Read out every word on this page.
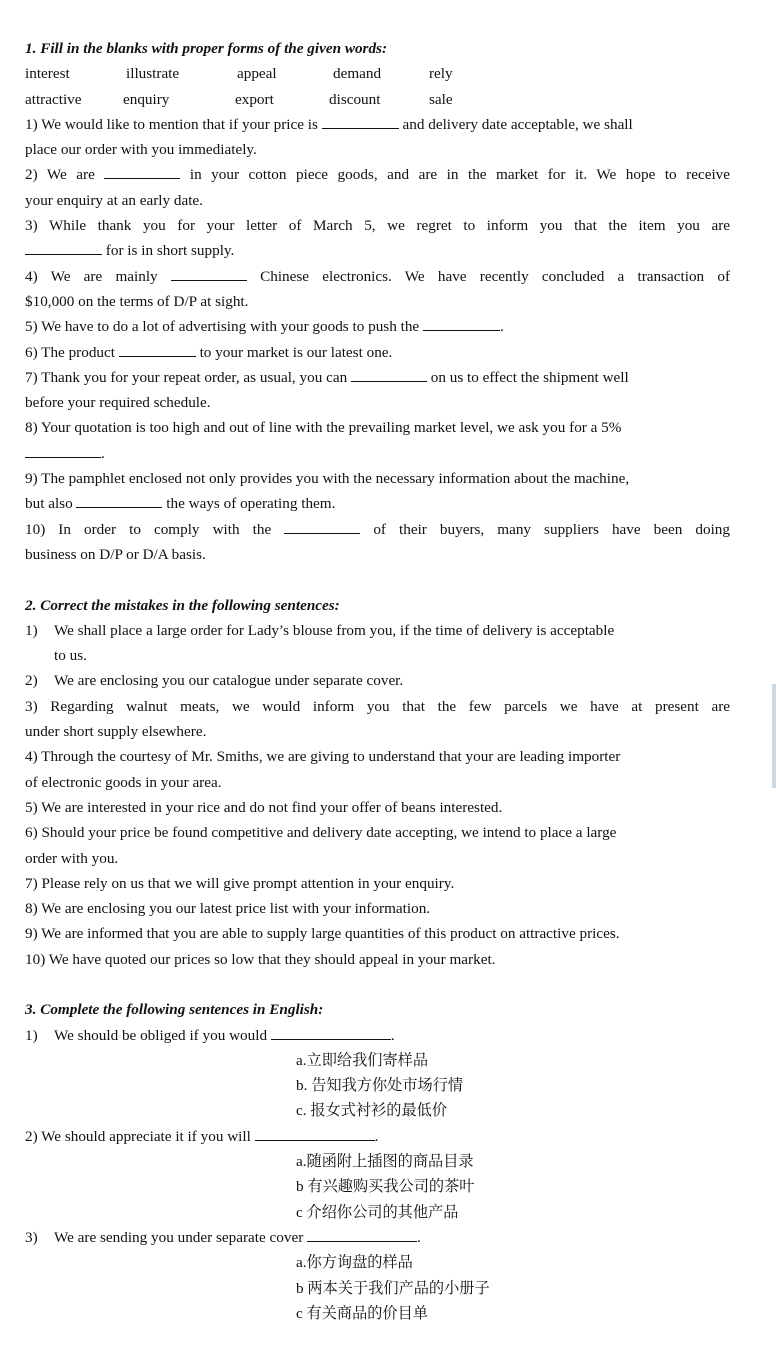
1. Fill in the blanks with proper forms of the given words:
interest	illustrate	appeal	demand	rely
attractive	enquiry	export	discount	sale
1) We would like to mention that if your price is	and delivery date acceptable, we shall
place our order with you immediately.
2) We are	in your cotton piece goods, and are in the market for it. We hope to receive
your enquiry at an early date.
3) While thank you for your letter of March 5, we regret to inform you that the item you are
for is in short supply.
4) We are mainly	Chinese electronics. We have recently concluded a transaction of
$10,000 on the terms of D/P at sight.
5) We have to do a lot of advertising with your goods to push the	.
6) The product	to your market is our latest one.
7) Thank you for your repeat order, as usual, you can	on us to effect the shipment well
before your required schedule.
8) Your quotation is too high and out of line with the prevailing market level, we ask you for a 5%
.
9) The pamphlet enclosed not only provides you with the necessary information about the machine,
but also	the ways of operating them.
10) In order to comply with the	of their buyers, many suppliers have been doing
business on D/P or D/A basis.
2. Correct the mistakes in the following sentences:
1) We shall place a large order for Lady’s blouse from you, if the time of delivery is acceptable
to us.
2) We are enclosing you our catalogue under separate cover.
3) Regarding walnut meats, we would inform you that the few parcels we have at present are
under short supply elsewhere.
4) Through the courtesy of Mr. Smiths, we are giving to understand that your are leading importer
of electronic goods in your area.
5) We are interested in your rice and do not find your offer of beans interested.
6) Should your price be found competitive and delivery date accepting, we intend to place a large
order with you.
7) Please rely on us that we will give prompt attention in your enquiry.
8) We are enclosing you our latest price list with your information.
9) We are informed that you are able to supply large quantities of this product on attractive prices.
10) We have quoted our prices so low that they should appeal in your market.
3. Complete the following sentences in English:
1) We should be obliged if you would	.
a.立即给我们寄样品
b. 告知我方你处市场行情
c. 报女式衬衫的最低价
2) We should appreciate it if you will	.
a.随函附上插图的商品目录
b 有兴趣购买我公司的茶叶
c 介绍你公司的其他产品
3) We are sending you under separate cover	.
a.你方询盘的样品
b 两本关于我们产品的小册子
c 有关商品的价目单
